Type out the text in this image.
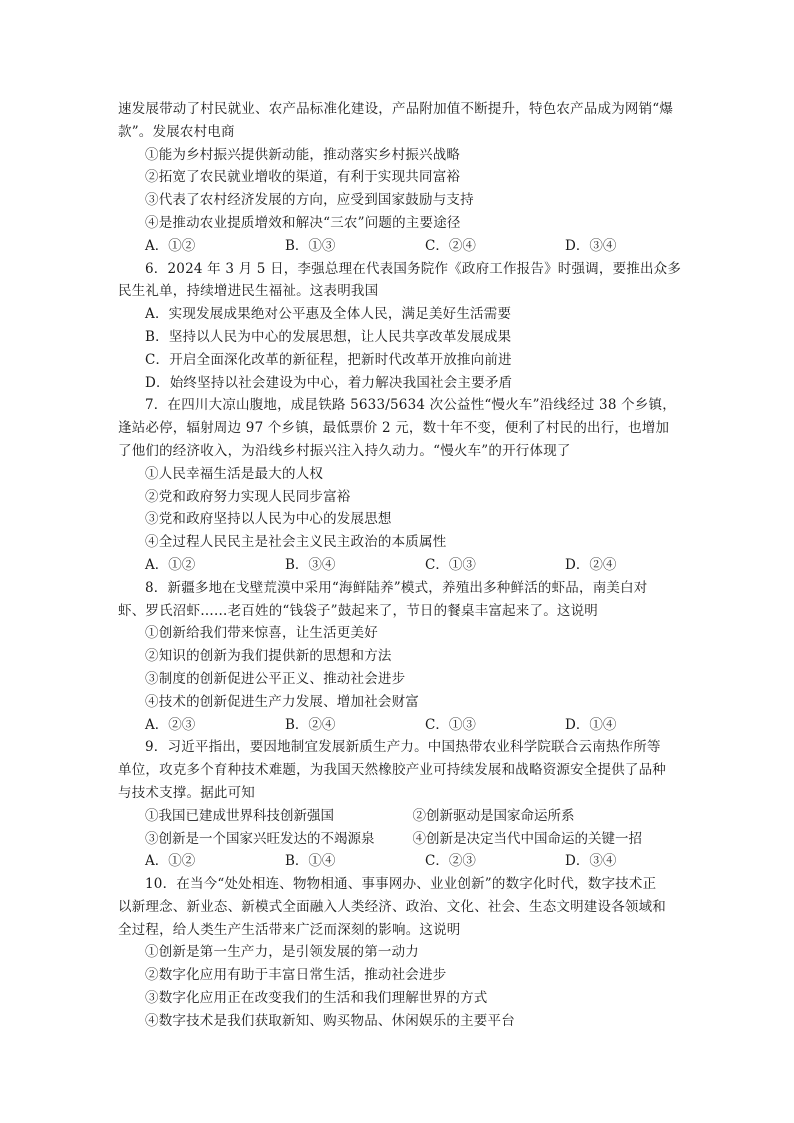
速发展带动了村民就业、农产品标准化建设，产品附加值不断提升，特色农产品成为网销“爆
款”。发展农村电商
①能为乡村振兴提供新动能，推动落实乡村振兴战略
②拓宽了农民就业增收的渠道，有利于实现共同富裕
③代表了农村经济发展的方向，应受到国家鼓励与支持
④是推动农业提质增效和解决“三农”问题的主要途径
A．①②	B．①③	C．②④	D．③④
6．2024 年 3 月 5 日，李强总理在代表国务院作《政府工作报告》时强调，要推出众多
民生礼单，持续增进民生福祉。这表明我国
A．实现发展成果绝对公平惠及全体人民，满足美好生活需要
B．坚持以人民为中心的发展思想，让人民共享改革发展成果
C．开启全面深化改革的新征程，把新时代改革开放推向前进
D．始终坚持以社会建设为中心，着力解决我国社会主要矛盾
7．在四川大凉山腹地，成昆铁路 5633/5634 次公益性“慢火车”沿线经过 38 个乡镇，
逢站必停，辐射周边 97 个乡镇，最低票价 2 元，数十年不变，便利了村民的出行，也增加
了他们的经济收入，为沿线乡村振兴注入持久动力。“慢火车”的开行体现了
①人民幸福生活是最大的人权
②党和政府努力实现人民同步富裕
③党和政府坚持以人民为中心的发展思想
④全过程人民民主是社会主义民主政治的本质属性
A．①②	B．③④	C．①③	D．②④
8．新疆多地在戈壁荒漠中采用“海鲜陆养”模式，养殖出多种鲜活的虾品，南美白对
虾、罗氏沼虾……老百姓的“钱袋子”鼓起来了，节日的餐桌丰富起来了。这说明
①创新给我们带来惊喜，让生活更美好
②知识的创新为我们提供新的思想和方法
③制度的创新促进公平正义、推动社会进步
④技术的创新促进生产力发展、增加社会财富
A．②③	B．②④	C．①③	D．①④
9．习近平指出，要因地制宜发展新质生产力。中国热带农业科学院联合云南热作所等
单位，攻克多个育种技术难题，为我国天然橡胶产业可持续发展和战略资源安全提供了品种
与技术支撑。据此可知
①我国已建成世界科技创新强国	②创新驱动是国家命运所系
③创新是一个国家兴旺发达的不竭源泉	④创新是决定当代中国命运的关键一招
A．①②	B．①④	C．②③	D．③④
10．在当今“处处相连、物物相通、事事网办、业业创新”的数字化时代，数字技术正
以新理念、新业态、新模式全面融入人类经济、政治、文化、社会、生态文明建设各领域和
全过程，给人类生产生活带来广泛而深刻的影响。这说明
①创新是第一生产力，是引领发展的第一动力
②数字化应用有助于丰富日常生活，推动社会进步
③数字化应用正在改变我们的生活和我们理解世界的方式
④数字技术是我们获取新知、购买物品、休闲娱乐的主要平台
